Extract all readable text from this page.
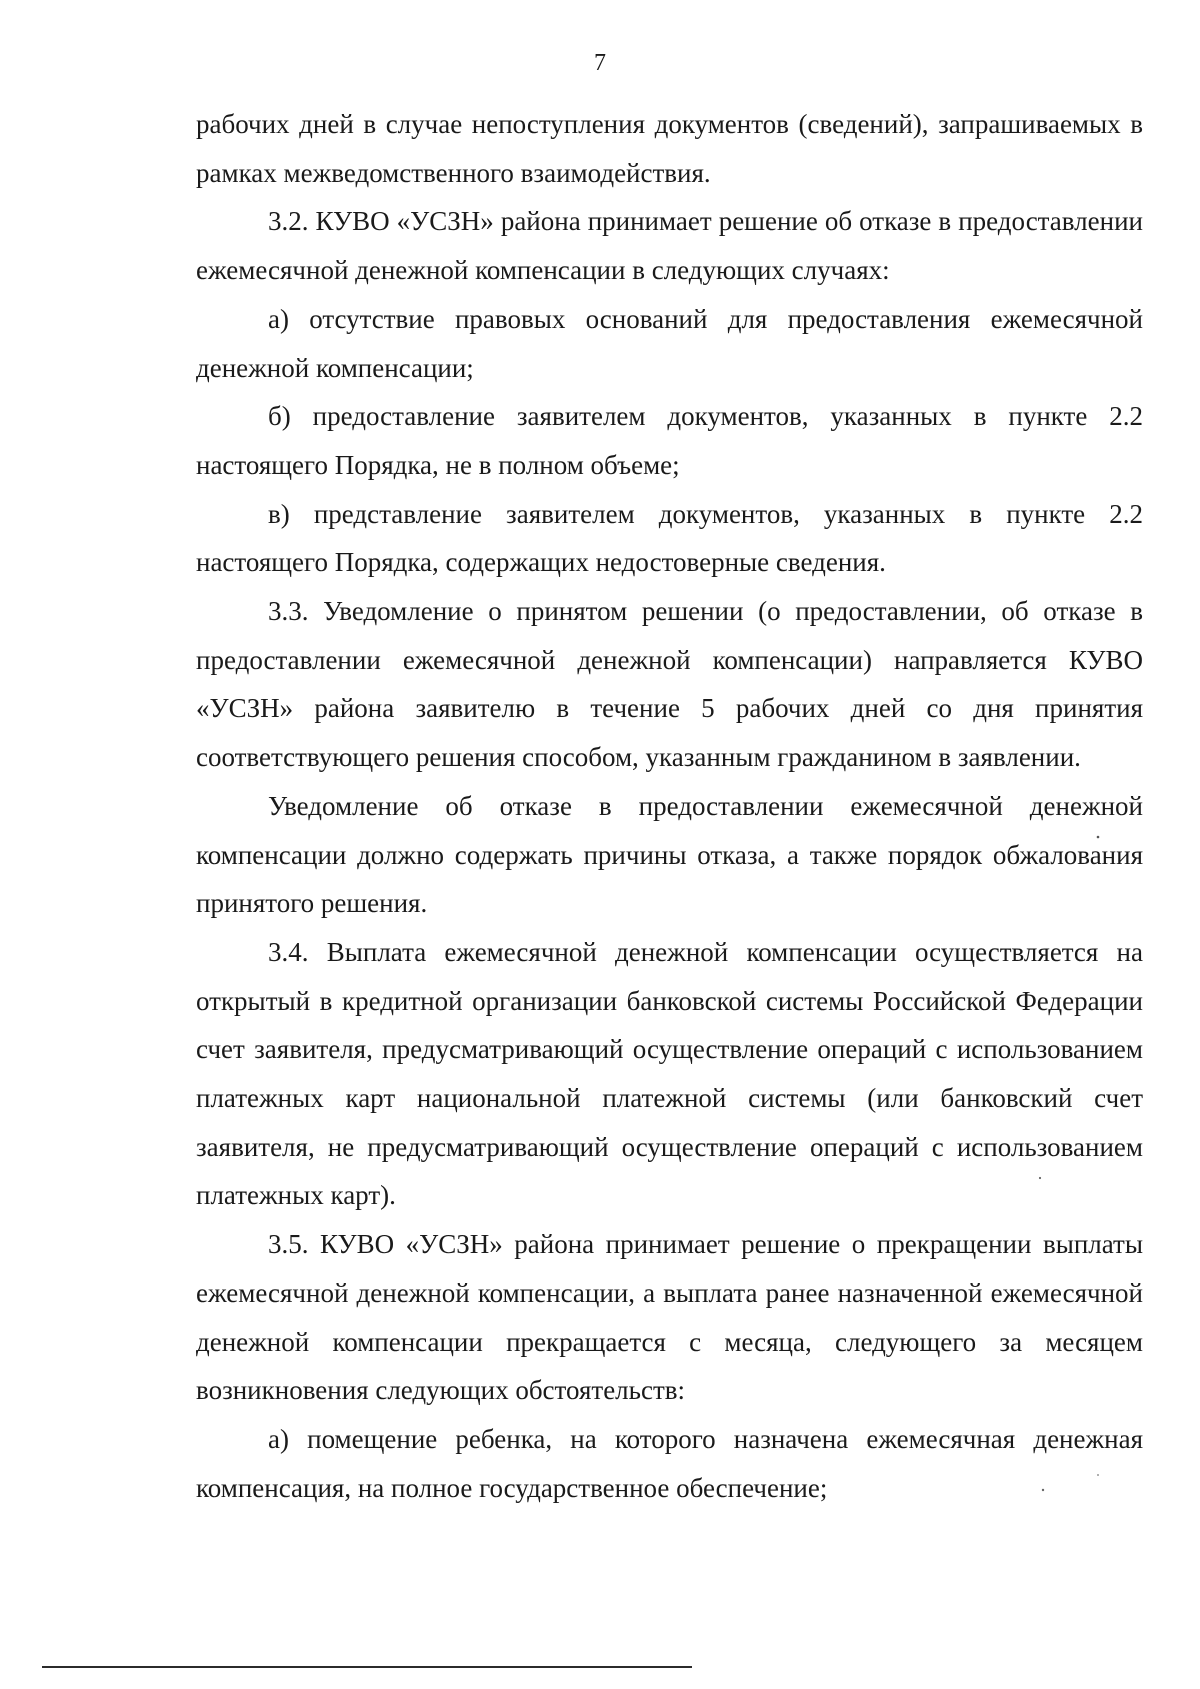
7

рабочих дней в случае непоступления документов (сведений), запрашиваемых в рамках межведомственного взаимодействия.

3.2. КУВО «УСЗН» района принимает решение об отказе в предоставлении ежемесячной денежной компенсации в следующих случаях:

а) отсутствие правовых оснований для предоставления ежемесячной денежной компенсации;

б) предоставление заявителем документов, указанных в пункте 2.2 настоящего Порядка, не в полном объеме;

в) представление заявителем документов, указанных в пункте 2.2 настоящего Порядка, содержащих недостоверные сведения.

3.3. Уведомление о принятом решении (о предоставлении, об отказе в предоставлении ежемесячной денежной компенсации) направляется КУВО «УСЗН» района заявителю в течение 5 рабочих дней со дня принятия соответствующего решения способом, указанным гражданином в заявлении.

Уведомление об отказе в предоставлении ежемесячной денежной компенсации должно содержать причины отказа, а также порядок обжалования принятого решения.

3.4. Выплата ежемесячной денежной компенсации осуществляется на открытый в кредитной организации банковской системы Российской Федерации счет заявителя, предусматривающий осуществление операций с использованием платежных карт национальной платежной системы (или банковский счет заявителя, не предусматривающий осуществление операций с использованием платежных карт).

3.5. КУВО «УСЗН» района принимает решение о прекращении выплаты ежемесячной денежной компенсации, а выплата ранее назначенной ежемесячной денежной компенсации прекращается с месяца, следующего за месяцем возникновения следующих обстоятельств:

а) помещение ребенка, на которого назначена ежемесячная денежная компенсация, на полное государственное обеспечение;
